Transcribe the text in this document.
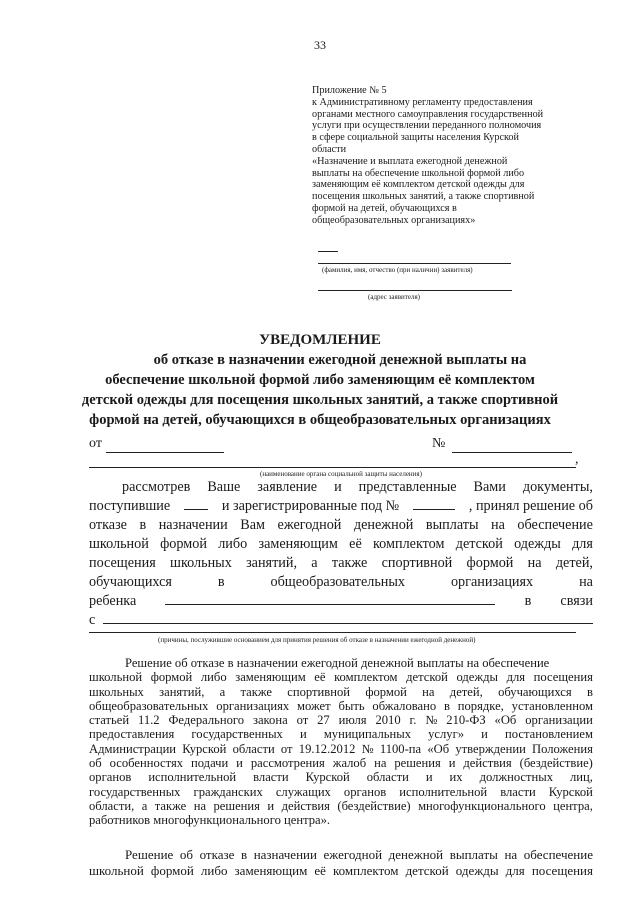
33
Приложение № 5
к Административному регламенту предоставления
органами местного самоуправления государственной
услуги при осуществлении переданного полномочия
в сфере социальной защиты населения Курской
области
«Назначение и выплата ежегодной денежной
выплаты на обеспечение школьной формой либо
заменяющим её комплектом детской одежды для
посещения школьных занятий, а также спортивной
формой на детей, обучающихся в
общеобразовательных организациях»
(фамилия, имя, отчество (при наличии) заявителя)
(адрес заявителя)
УВЕДОМЛЕНИЕ
об отказе в назначении ежегодной денежной выплаты на
обеспечение школьной формой либо заменяющим её комплектом
детской одежды для посещения школьных занятий, а также спортивной
формой на детей, обучающихся в общеобразовательных организациях
от	№
,
(наименование органа социальной защиты населения)
рассмотрев Ваше заявление и представленные Вами документы,
поступившие	и зарегистрированные под №	, принял решение об
отказе в назначении Вам ежегодной денежной выплаты на обеспечение
школьной формой либо заменяющим её комплектом детской одежды для
посещения школьных занятий, а также спортивной формой на детей,
обучающихся	в	общеобразовательных	организациях	на
ребенка	в связи
с
(причины, послужившие основанием для принятия решения об отказе в назначении ежегодной денежной)
Решение об отказе в назначении ежегодной денежной выплаты на обеспечение
школьной формой либо заменяющим её комплектом детской одежды для посещения
школьных занятий, а также спортивной формой на детей, обучающихся в
общеобразовательных организациях может быть обжаловано в порядке, установленном
статьей 11.2 Федерального закона от 27 июля 2010 г. № 210-ФЗ «Об организации
предоставления государственных и муниципальных услуг» и постановлением
Администрации Курской области от 19.12.2012 № 1100-па «Об утверждении Положения
об особенностях подачи и рассмотрения жалоб на решения и действия (бездействие)
органов исполнительной власти Курской области и их должностных лиц,
государственных гражданских служащих органов исполнительной власти Курской
области, а также на решения и действия (бездействие) многофункционального центра,
работников многофункционального центра».
Решение об отказе в назначении ежегодной денежной выплаты на обеспечение
школьной формой либо заменяющим её комплектом детской одежды для посещения
